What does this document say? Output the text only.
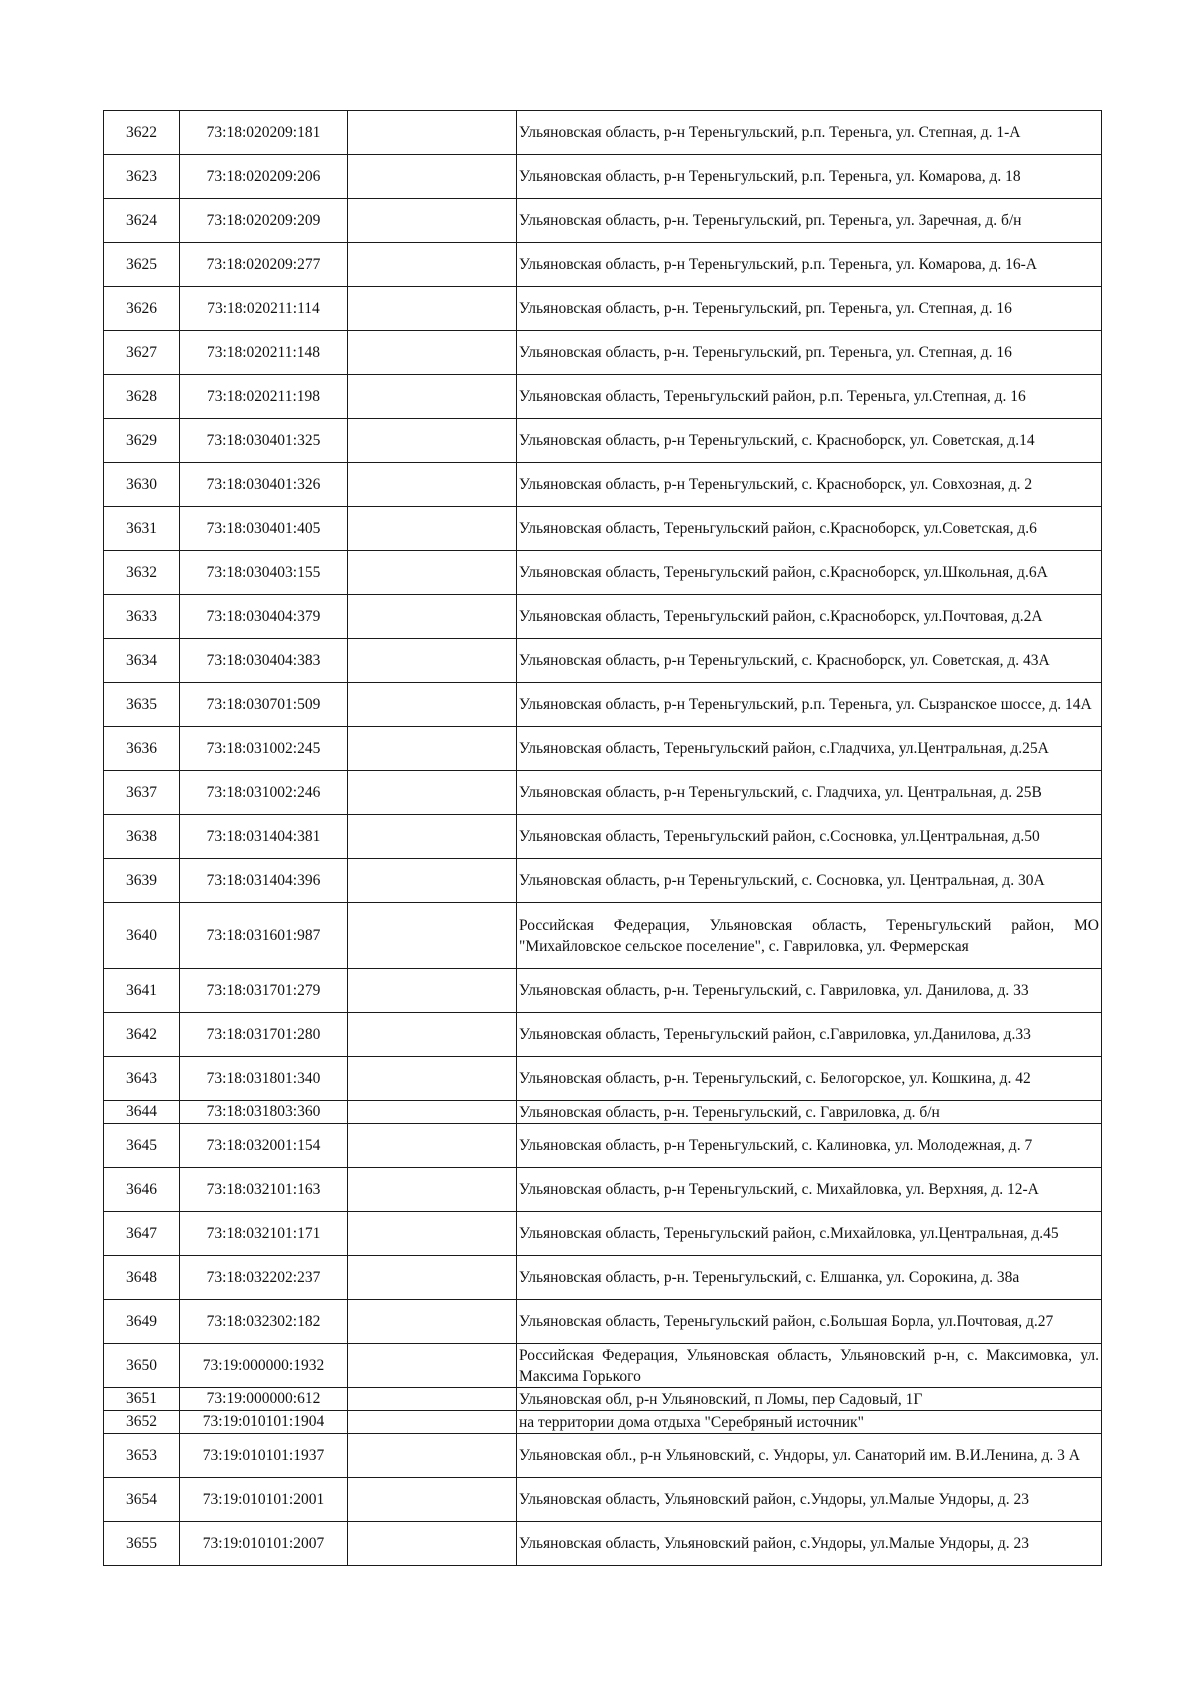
3622	73:18:020209:181		Ульяновская область, р-н Тереньгульский, р.п. Тереньга, ул. Степная, д. 1-А
3623	73:18:020209:206		Ульяновская область, р-н Тереньгульский, р.п. Тереньга, ул. Комарова, д. 18
3624	73:18:020209:209		Ульяновская область, р-н. Тереньгульский, рп. Тереньга, ул. Заречная, д. б/н
3625	73:18:020209:277		Ульяновская область, р-н Тереньгульский, р.п. Тереньга, ул. Комарова, д. 16-А
3626	73:18:020211:114		Ульяновская область, р-н. Тереньгульский, рп. Тереньга, ул. Степная, д. 16
3627	73:18:020211:148		Ульяновская область, р-н. Тереньгульский, рп. Тереньга, ул. Степная, д. 16
3628	73:18:020211:198		Ульяновская область, Тереньгульский район, р.п. Тереньга, ул.Степная, д. 16
3629	73:18:030401:325		Ульяновская область, р-н Тереньгульский, с. Красноборск, ул. Советская, д.14
3630	73:18:030401:326		Ульяновская область, р-н Тереньгульский, с. Красноборск, ул. Совхозная, д. 2
3631	73:18:030401:405		Ульяновская область, Тереньгульский район, с.Красноборск, ул.Советская, д.6
3632	73:18:030403:155		Ульяновская область, Тереньгульский район, с.Красноборск, ул.Школьная, д.6А
3633	73:18:030404:379		Ульяновская область, Тереньгульский район, с.Красноборск, ул.Почтовая, д.2А
3634	73:18:030404:383		Ульяновская область, р-н Тереньгульский, с. Красноборск, ул. Советская, д. 43А
3635	73:18:030701:509		Ульяновская область, р-н Тереньгульский, р.п. Тереньга, ул. Сызранское шоссе, д. 14А
3636	73:18:031002:245		Ульяновская область, Тереньгульский район, с.Гладчиха, ул.Центральная, д.25А
3637	73:18:031002:246		Ульяновская область, р-н Тереньгульский, с. Гладчиха, ул. Центральная, д. 25В
3638	73:18:031404:381		Ульяновская область, Тереньгульский район, с.Сосновка, ул.Центральная, д.50
3639	73:18:031404:396		Ульяновская область, р-н Тереньгульский, с. Сосновка, ул. Центральная, д. 30А
3640	73:18:031601:987		Российская Федерация, Ульяновская область, Тереньгульский район, МО "Михайловское сельское поселение", с. Гавриловка, ул. Фермерская
3641	73:18:031701:279		Ульяновская область, р-н. Тереньгульский, с. Гавриловка, ул. Данилова, д. 33
3642	73:18:031701:280		Ульяновская область, Тереньгульский район, с.Гавриловка, ул.Данилова, д.33
3643	73:18:031801:340		Ульяновская область, р-н. Тереньгульский, с. Белогорское, ул. Кошкина, д. 42
3644	73:18:031803:360		Ульяновская область, р-н. Тереньгульский, с. Гавриловка, д. б/н
3645	73:18:032001:154		Ульяновская область, р-н Тереньгульский, с. Калиновка, ул. Молодежная, д. 7
3646	73:18:032101:163		Ульяновская область, р-н Тереньгульский, с. Михайловка, ул. Верхняя, д. 12-А
3647	73:18:032101:171		Ульяновская область, Тереньгульский район, с.Михайловка, ул.Центральная, д.45
3648	73:18:032202:237		Ульяновская область, р-н. Тереньгульский, с. Елшанка, ул. Сорокина, д. 38а
3649	73:18:032302:182		Ульяновская область, Тереньгульский район, с.Большая Борла, ул.Почтовая, д.27
3650	73:19:000000:1932		Российская Федерация, Ульяновская область, Ульяновский р-н, с. Максимовка, ул. Максима Горького
3651	73:19:000000:612		Ульяновская обл, р-н Ульяновский, п Ломы, пер Садовый, 1Г
3652	73:19:010101:1904		на территории дома отдыха "Серебряный источник"
3653	73:19:010101:1937		Ульяновская обл., р-н Ульяновский, с. Ундоры, ул. Санаторий им. В.И.Ленина, д. 3 А
3654	73:19:010101:2001		Ульяновская область, Ульяновский район, с.Ундоры, ул.Малые Ундоры, д. 23
3655	73:19:010101:2007		Ульяновская область, Ульяновский район, с.Ундоры, ул.Малые Ундоры, д. 23
